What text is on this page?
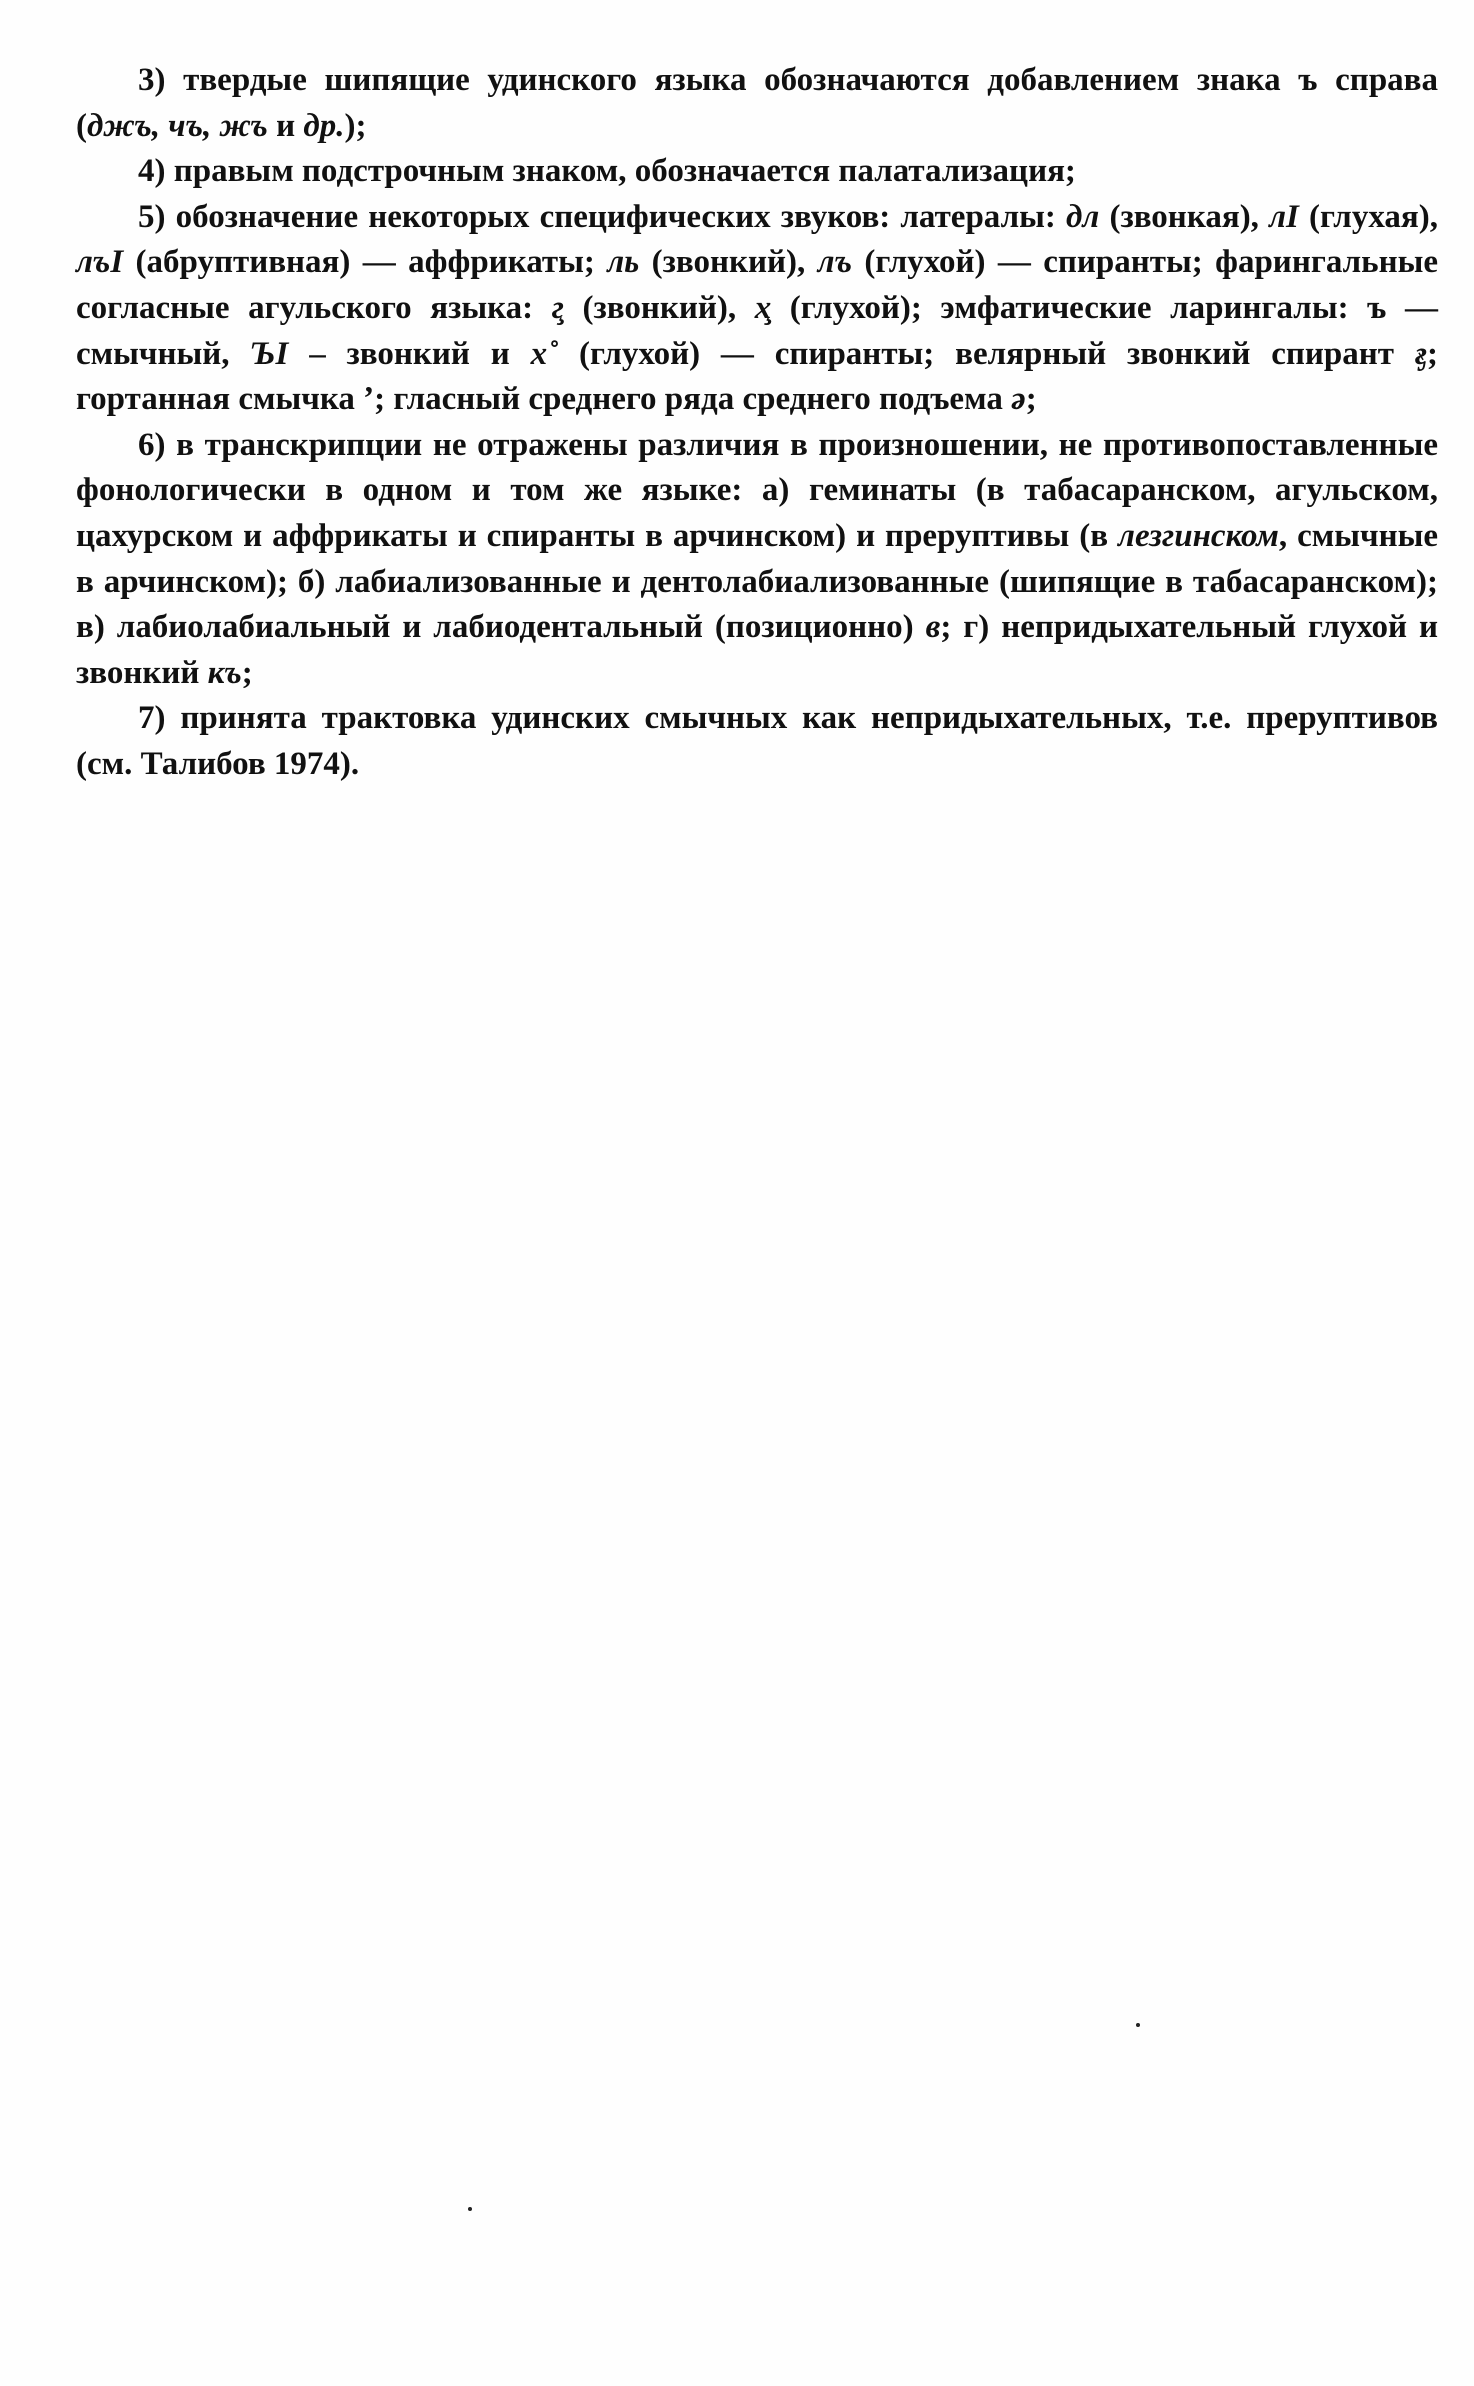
3) твердые шипящие удинского языка обозначаются добавлением знака ъ справа (джъ, чъ, жъ и др.);

4) правым подстрочным знаком, обозначается палатализация;

5) обозначение некоторых специфических звуков: латералы: дл (звонкая), лI (глухая), лъI (абруптивная) — аффрикаты; ль (звонкий), лъ (глухой) — спиранты; фарингальные согласные агульского языка: г̧ (звонкий), х̧ (глухой); эмфатические ларингалы: ъ — смычный, ЪI – звонкий и х˚ (глухой) — спиранты; велярный звонкий спирант ӻ; гортанная смычка ʼ; гласный среднего ряда среднего подъема ә;

6) в транскрипции не отражены различия в произношении, не противопоставленные фонологически в одном и том же языке: а) геминаты (в табасаранском, агульском, цахурском и аффрикаты и спиранты в арчинском) и преруптивы (в лезгинском, смычные в арчинском); б) лабиализованные и дентолабиализованные (шипящие в табасаранском); в) лабиолабиальный и лабиодентальный (позиционно) в; г) непридыхательный глухой и звонкий къ;

7) принята трактовка удинских смычных как непридыхательных, т.е. преруптивов (см. Талибов 1974).
